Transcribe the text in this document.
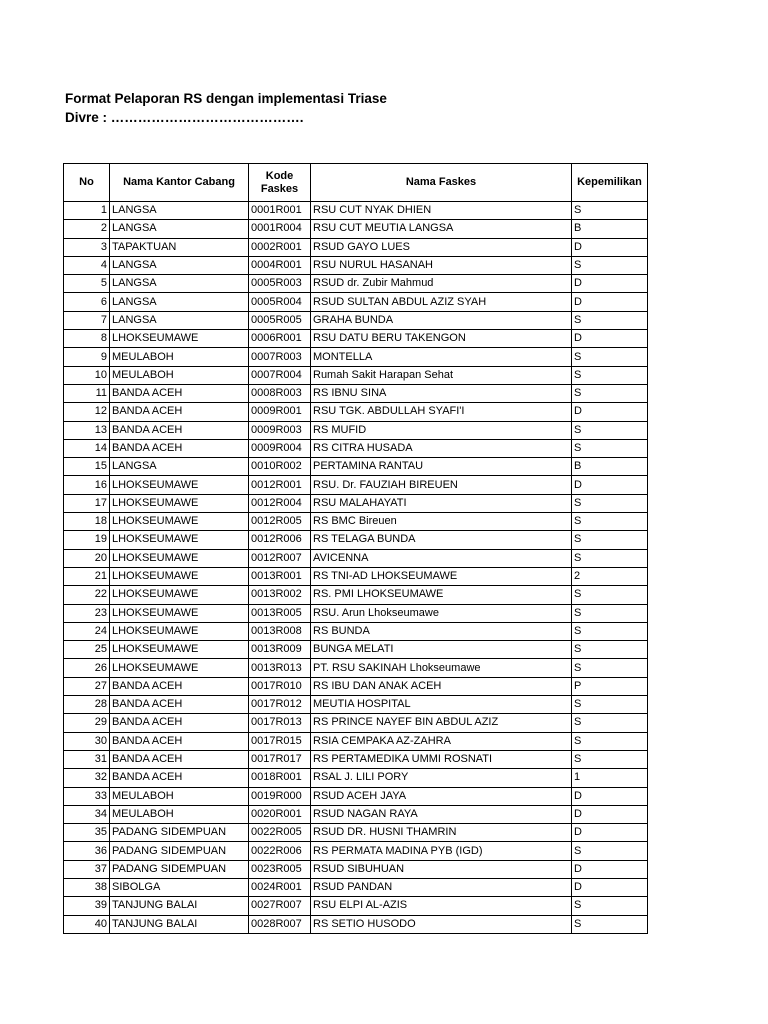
Format Pelaporan RS dengan implementasi Triase
Divre : …………………………………….
No	Nama Kantor Cabang	Kode Faskes	Nama Faskes	Kepemilikan
1	LANGSA	0001R001	RSU CUT NYAK DHIEN	S
2	LANGSA	0001R004	RSU CUT MEUTIA LANGSA	B
3	TAPAKTUAN	0002R001	RSUD GAYO LUES	D
4	LANGSA	0004R001	RSU NURUL HASANAH	S
5	LANGSA	0005R003	RSUD dr. Zubir Mahmud	D
6	LANGSA	0005R004	RSUD SULTAN ABDUL AZIZ SYAH	D
7	LANGSA	0005R005	GRAHA BUNDA	S
8	LHOKSEUMAWE	0006R001	RSU DATU BERU TAKENGON	D
9	MEULABOH	0007R003	MONTELLA	S
10	MEULABOH	0007R004	Rumah Sakit Harapan Sehat	S
11	BANDA ACEH	0008R003	RS IBNU SINA	S
12	BANDA ACEH	0009R001	RSU TGK. ABDULLAH SYAFI'I	D
13	BANDA ACEH	0009R003	RS MUFID	S
14	BANDA ACEH	0009R004	RS CITRA HUSADA	S
15	LANGSA	0010R002	PERTAMINA RANTAU	B
16	LHOKSEUMAWE	0012R001	RSU. Dr. FAUZIAH BIREUEN	D
17	LHOKSEUMAWE	0012R004	RSU MALAHAYATI	S
18	LHOKSEUMAWE	0012R005	RS BMC Bireuen	S
19	LHOKSEUMAWE	0012R006	RS TELAGA BUNDA	S
20	LHOKSEUMAWE	0012R007	AVICENNA	S
21	LHOKSEUMAWE	0013R001	RS TNI-AD LHOKSEUMAWE	2
22	LHOKSEUMAWE	0013R002	RS. PMI LHOKSEUMAWE	S
23	LHOKSEUMAWE	0013R005	RSU. Arun Lhokseumawe	S
24	LHOKSEUMAWE	0013R008	RS BUNDA	S
25	LHOKSEUMAWE	0013R009	BUNGA MELATI	S
26	LHOKSEUMAWE	0013R013	PT. RSU SAKINAH Lhokseumawe	S
27	BANDA ACEH	0017R010	RS IBU DAN ANAK ACEH	P
28	BANDA ACEH	0017R012	MEUTIA HOSPITAL	S
29	BANDA ACEH	0017R013	RS PRINCE NAYEF BIN ABDUL AZIZ	S
30	BANDA ACEH	0017R015	RSIA CEMPAKA AZ-ZAHRA	S
31	BANDA ACEH	0017R017	RS PERTAMEDIKA UMMI ROSNATI	S
32	BANDA ACEH	0018R001	RSAL J. LILI PORY	1
33	MEULABOH	0019R000	RSUD ACEH JAYA	D
34	MEULABOH	0020R001	RSUD NAGAN RAYA	D
35	PADANG SIDEMPUAN	0022R005	RSUD DR. HUSNI THAMRIN	D
36	PADANG SIDEMPUAN	0022R006	RS PERMATA MADINA PYB (IGD)	S
37	PADANG SIDEMPUAN	0023R005	RSUD SIBUHUAN	D
38	SIBOLGA	0024R001	RSUD PANDAN	D
39	TANJUNG BALAI	0027R007	RSU ELPI AL-AZIS	S
40	TANJUNG BALAI	0028R007	RS SETIO HUSODO	S
